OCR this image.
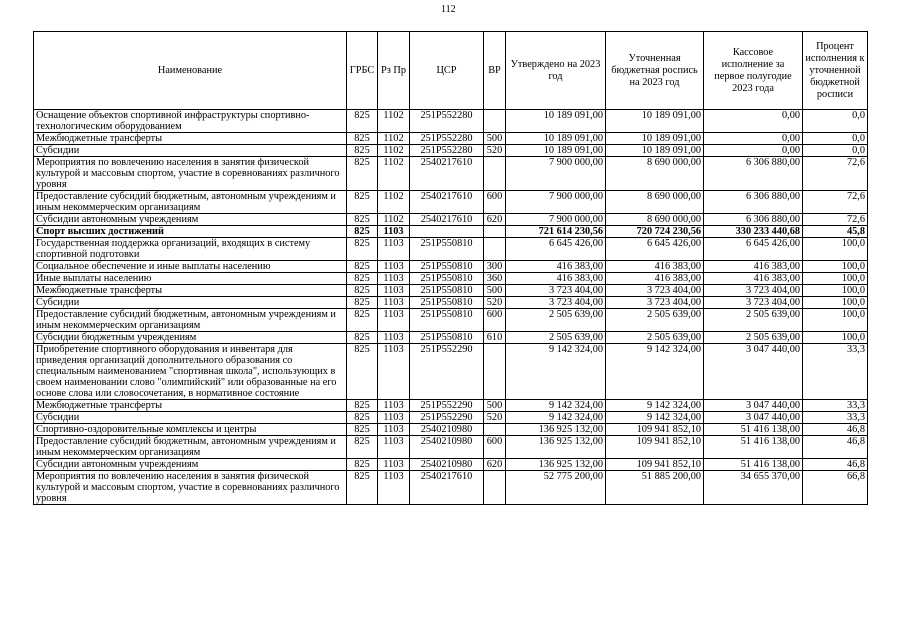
112
Наименование	ГРБС	Рз Пр	ЦСР	ВР	Утверждено на 2023 год	Уточненная бюджетная роспись на 2023 год	Кассовое исполнение за первое полугодие 2023 года	Процент исполнения к уточненной бюджетной росписи
Оснащение объектов спортивной инфраструктуры спортивно-технологическим оборудованием	825	1102	251P552280		10 189 091,00	10 189 091,00	0,00	0,0
Межбюджетные трансферты	825	1102	251P552280	500	10 189 091,00	10 189 091,00	0,00	0,0
Субсидии	825	1102	251P552280	520	10 189 091,00	10 189 091,00	0,00	0,0
Мероприятия по вовлечению населения в занятия физической культурой и массовым спортом, участие в соревнованиях различного уровня	825	1102	2540217610		7 900 000,00	8 690 000,00	6 306 880,00	72,6
Предоставление субсидий бюджетным, автономным учреждениям и иным некоммерческим организациям	825	1102	2540217610	600	7 900 000,00	8 690 000,00	6 306 880,00	72,6
Субсидии автономным учреждениям	825	1102	2540217610	620	7 900 000,00	8 690 000,00	6 306 880,00	72,6
Спорт высших достижений	825	1103			721 614 230,56	720 724 230,56	330 233 440,68	45,8
Государственная поддержка организаций, входящих в систему спортивной подготовки	825	1103	251P550810		6 645 426,00	6 645 426,00	6 645 426,00	100,0
Социальное обеспечение и иные выплаты населению	825	1103	251P550810	300	416 383,00	416 383,00	416 383,00	100,0
Иные выплаты населению	825	1103	251P550810	360	416 383,00	416 383,00	416 383,00	100,0
Межбюджетные трансферты	825	1103	251P550810	500	3 723 404,00	3 723 404,00	3 723 404,00	100,0
Субсидии	825	1103	251P550810	520	3 723 404,00	3 723 404,00	3 723 404,00	100,0
Предоставление субсидий бюджетным, автономным учреждениям и иным некоммерческим организациям	825	1103	251P550810	600	2 505 639,00	2 505 639,00	2 505 639,00	100,0
Субсидии бюджетным учреждениям	825	1103	251P550810	610	2 505 639,00	2 505 639,00	2 505 639,00	100,0
Приобретение спортивного оборудования и инвентаря для приведения организаций дополнительного образования со специальным наименованием "спортивная школа", использующих в своем наименовании слово "олимпийский" или образованные на его основе слова или словосочетания, в нормативное состояние	825	1103	251P552290		9 142 324,00	9 142 324,00	3 047 440,00	33,3
Межбюджетные трансферты	825	1103	251P552290	500	9 142 324,00	9 142 324,00	3 047 440,00	33,3
Субсидии	825	1103	251P552290	520	9 142 324,00	9 142 324,00	3 047 440,00	33,3
Спортивно-оздоровительные комплексы и центры	825	1103	2540210980		136 925 132,00	109 941 852,10	51 416 138,00	46,8
Предоставление субсидий бюджетным, автономным учреждениям и иным некоммерческим организациям	825	1103	2540210980	600	136 925 132,00	109 941 852,10	51 416 138,00	46,8
Субсидии автономным учреждениям	825	1103	2540210980	620	136 925 132,00	109 941 852,10	51 416 138,00	46,8
Мероприятия по вовлечению населения в занятия физической культурой и массовым спортом, участие в соревнованиях различного уровня	825	1103	2540217610		52 775 200,00	51 885 200,00	34 655 370,00	66,8
